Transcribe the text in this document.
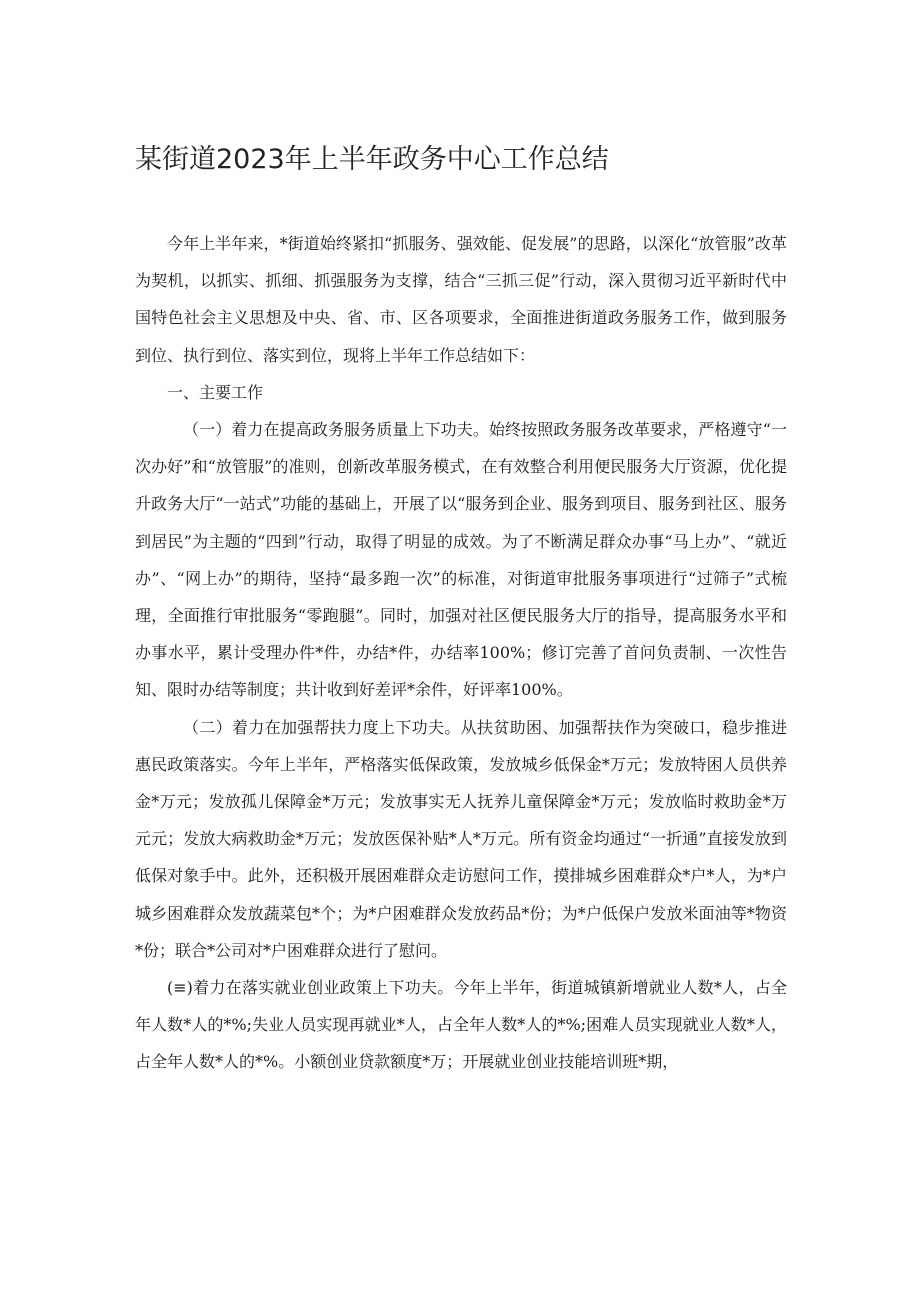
某街道2023年上半年政务中心工作总结

今年上半年来，*街道始终紧扣“抓服务、强效能、促发展”的思路，以深化“放管服”改革为契机，以抓实、抓细、抓强服务为支撑，结合“三抓三促”行动，深入贯彻习近平新时代中国特色社会主义思想及中央、省、市、区各项要求，全面推进街道政务服务工作，做到服务到位、执行到位、落实到位，现将上半年工作总结如下：

一、主要工作

（一）着力在提高政务服务质量上下功夫。始终按照政务服务改革要求，严格遵守“一次办好”和“放管服”的准则，创新改革服务模式，在有效整合利用便民服务大厅资源，优化提升政务大厅“一站式”功能的基础上，开展了以“服务到企业、服务到项目、服务到社区、服务到居民”为主题的“四到”行动，取得了明显的成效。为了不断满足群众办事“马上办”、“就近办”、“网上办”的期待，坚持“最多跑一次”的标准，对街道审批服务事项进行“过筛子”式梳理，全面推行审批服务“零跑腿”。同时，加强对社区便民服务大厅的指导，提高服务水平和办事水平，累计受理办件*件，办结*件，办结率100%；修订完善了首问负责制、一次性告知、限时办结等制度；共计收到好差评*余件，好评率100%。

（二）着力在加强帮扶力度上下功夫。从扶贫助困、加强帮扶作为突破口，稳步推进惠民政策落实。今年上半年，严格落实低保政策，发放城乡低保金*万元；发放特困人员供养金*万元；发放孤儿保障金*万元；发放事实无人抚养儿童保障金*万元；发放临时救助金*万元元；发放大病救助金*万元；发放医保补贴*人*万元。所有资金均通过“一折通”直接发放到低保对象手中。此外，还积极开展困难群众走访慰问工作，摸排城乡困难群众*户*人，为*户城乡困难群众发放蔬菜包*个；为*户困难群众发放药品*份；为*户低保户发放米面油等*物资*份；联合*公司对*户困难群众进行了慰问。

(≡)着力在落实就业创业政策上下功夫。今年上半年，街道城镇新增就业人数*人，占全年人数*人的*%;失业人员实现再就业*人，占全年人数*人的*%;困难人员实现就业人数*人，占全年人数*人的*%。小额创业贷款额度*万；开展就业创业技能培训班*期，
